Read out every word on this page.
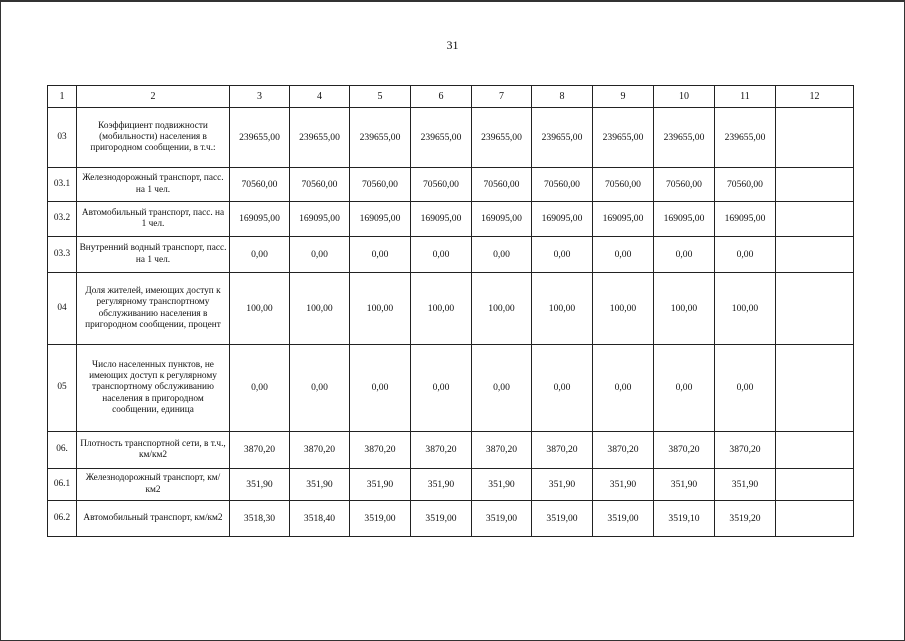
31
1	2	3	4	5	6	7	8	9	10	11	12
03	Коэффициент подвижности (мобильности) населения в пригородном сообщении, в т.ч.:	239655,00	239655,00	239655,00	239655,00	239655,00	239655,00	239655,00	239655,00	239655,00	
03.1	Железнодорожный транспорт, пасс. на 1 чел.	70560,00	70560,00	70560,00	70560,00	70560,00	70560,00	70560,00	70560,00	70560,00	
03.2	Автомобильный транспорт, пасс. на 1 чел.	169095,00	169095,00	169095,00	169095,00	169095,00	169095,00	169095,00	169095,00	169095,00	
03.3	Внутренний водный транспорт, пасс. на 1 чел.	0,00	0,00	0,00	0,00	0,00	0,00	0,00	0,00	0,00	
04	Доля жителей, имеющих доступ к регулярному транспортному обслуживанию населения в пригородном сообщении, процент	100,00	100,00	100,00	100,00	100,00	100,00	100,00	100,00	100,00	
05	Число населенных пунктов, не имеющих доступ к регулярному транспортному обслуживанию населения в пригородном сообщении, единица	0,00	0,00	0,00	0,00	0,00	0,00	0,00	0,00	0,00	
06.	Плотность транспортной сети, в т.ч., км/км2	3870,20	3870,20	3870,20	3870,20	3870,20	3870,20	3870,20	3870,20	3870,20	
06.1	Железнодорожный транспорт, км/км2	351,90	351,90	351,90	351,90	351,90	351,90	351,90	351,90	351,90	
06.2	Автомобильный транспорт, км/км2	3518,30	3518,40	3519,00	3519,00	3519,00	3519,00	3519,00	3519,10	3519,20	
